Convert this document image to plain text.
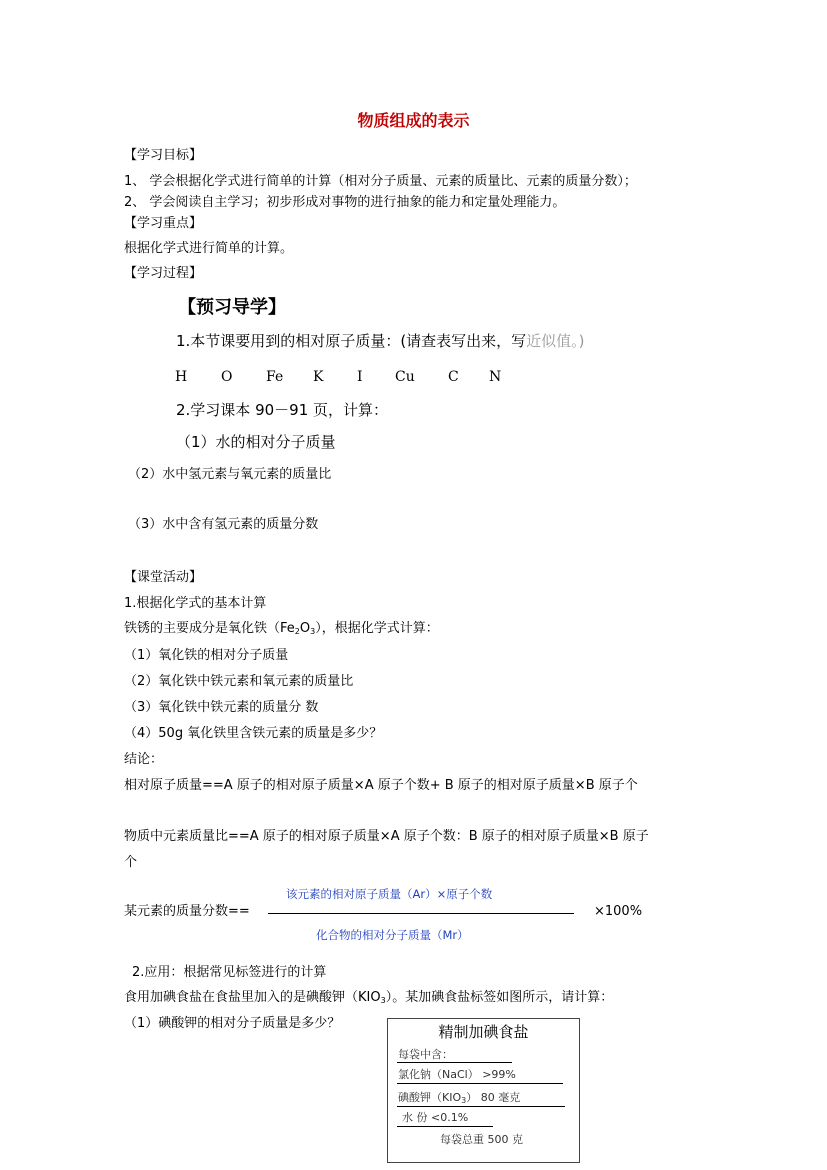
物质组成的表示
【学习目标】
1、 学会根据化学式进行简单的计算（相对分子质量、元素的质量比、元素的质量分数）；
2、 学会阅读自主学习；初步形成对事物的进行抽象的能力和定量处理能力。
【学习重点】
根据化学式进行简单的计算。
【学习过程】
【预习导学】
1.本节课要用到的相对原子质量：(请查表写出来，写近似值。)
H O Fe K I Cu C N
2.学习课本 90－91 页，计算：
（1）水的相对分子质量
（2）水中氢元素与氧元素的质量比
（3）水中含有氢元素的质量分数
【课堂活动】
1.根据化学式的基本计算
铁锈的主要成分是氧化铁$(Fe_2O_3)$，根据化学式计算：
（1）氧化铁的相对分子质量
（2）氧化铁中铁元素和氧元素的质量比
（3）氧化铁中铁元素的质量分 数
（4）50g 氧化铁里含铁元素的质量是多少？
结论：
相对原子质量==A 原子的相对原子质量×A 原子个数+ B 原子的相对原子质量×B 原子个
物质中元素质量比==A 原子的相对原子质量×A 原子个数：B 原子的相对原子质量×B 原子
个
该元素的相对原子质量（Ar）×原子个数
某元素的质量分数==	×100%
化合物的相对分子质量（Mr）
2.应用：根据常见标签进行的计算
食用加碘食盐在食盐里加入的是碘酸钾$(KIO_3)$。某加碘食盐标签如图所示，请计算：
（1）碘酸钾的相对分子质量是多少？	精制加碘食盐
每袋中含：
氯化钠（NaCl） >99%
碘酸钾$(KIO_3)$ 80 毫克
水 份 <0.1%
每袋总重 500 克
